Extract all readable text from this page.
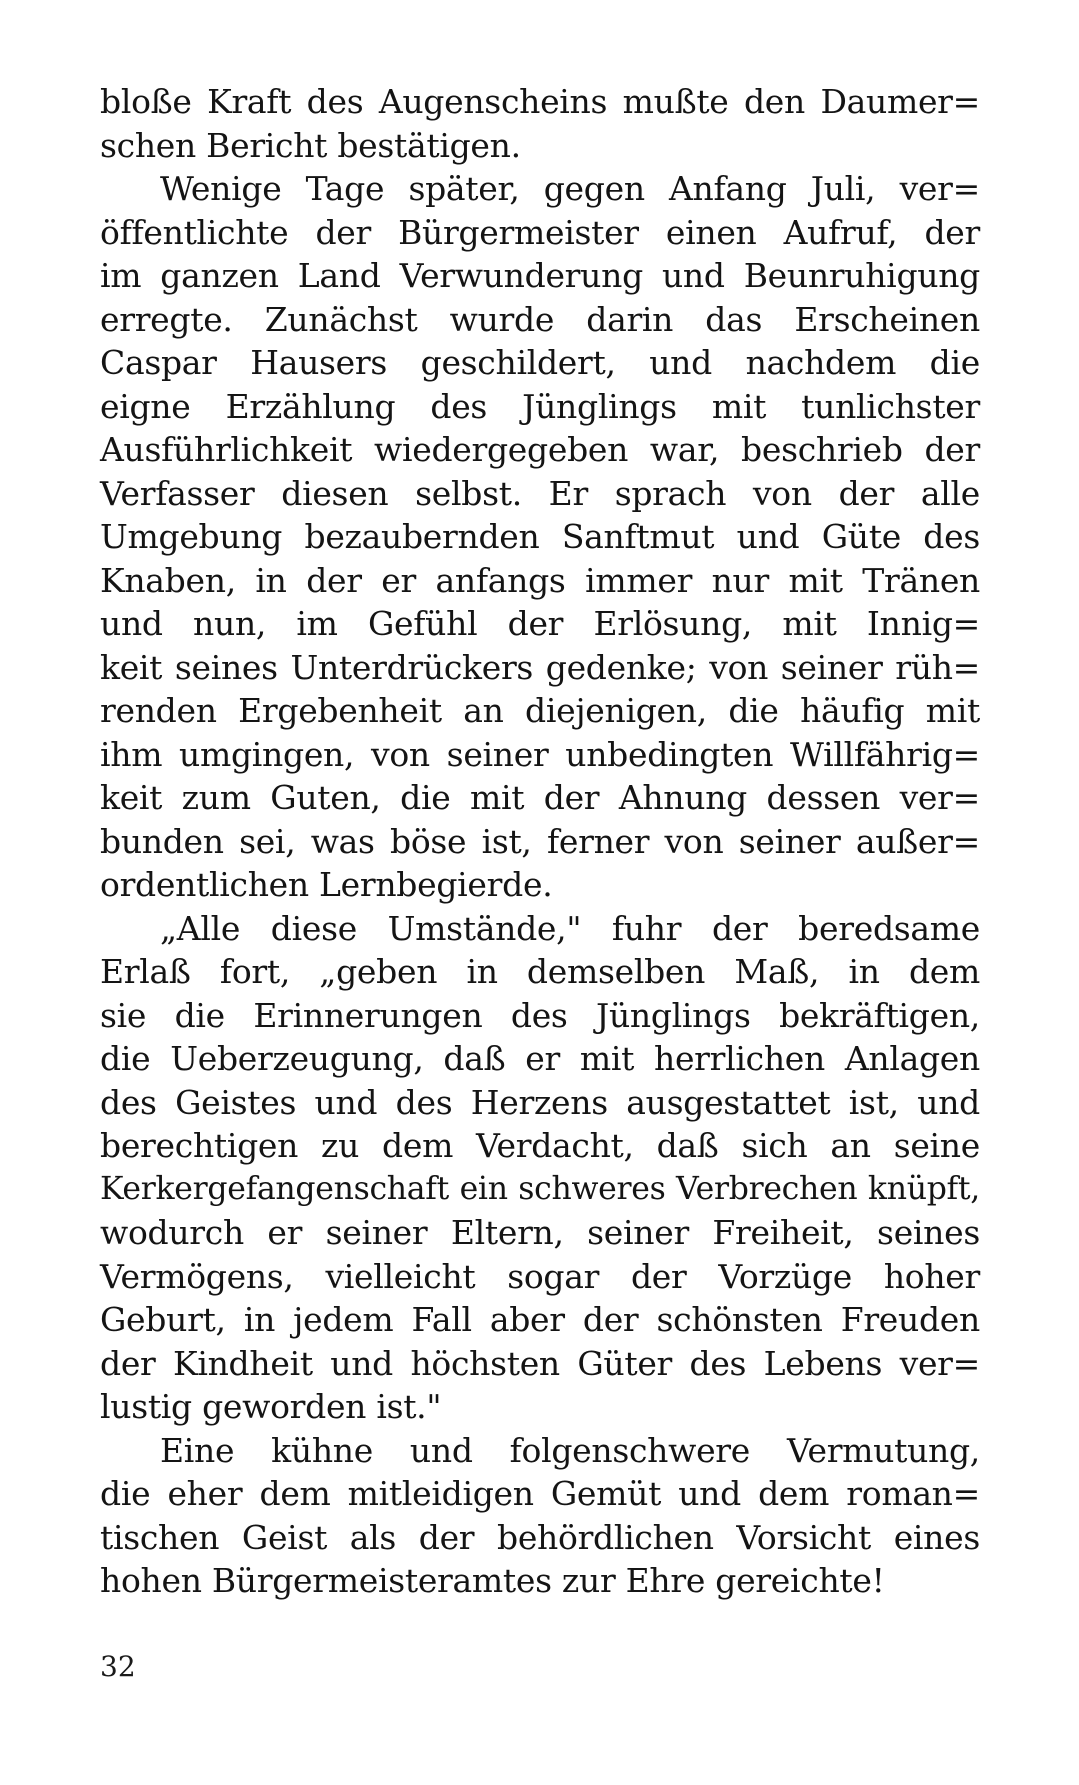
bloße Kraft des Augenscheins mußte den Daumer=
schen Bericht bestätigen.
Wenige Tage später, gegen Anfang Juli, ver=
öffentlichte der Bürgermeister einen Aufruf, der
im ganzen Land Verwunderung und Beunruhigung
erregte. Zunächst wurde darin das Erscheinen
Caspar Hausers geschildert, und nachdem die
eigne Erzählung des Jünglings mit tunlichster
Ausführlichkeit wiedergegeben war, beschrieb der
Verfasser diesen selbst. Er sprach von der alle
Umgebung bezaubernden Sanftmut und Güte des
Knaben, in der er anfangs immer nur mit Tränen
und nun, im Gefühl der Erlösung, mit Innig=
keit seines Unterdrückers gedenke; von seiner rüh=
renden Ergebenheit an diejenigen, die häufig mit
ihm umgingen, von seiner unbedingten Willfährig=
keit zum Guten, die mit der Ahnung dessen ver=
bunden sei, was böse ist, ferner von seiner außer=
ordentlichen Lernbegierde.
„Alle diese Umstände," fuhr der beredsame
Erlaß fort, „geben in demselben Maß, in dem
sie die Erinnerungen des Jünglings bekräftigen,
die Ueberzeugung, daß er mit herrlichen Anlagen
des Geistes und des Herzens ausgestattet ist, und
berechtigen zu dem Verdacht, daß sich an seine
Kerkergefangenschaft ein schweres Verbrechen knüpft,
wodurch er seiner Eltern, seiner Freiheit, seines
Vermögens, vielleicht sogar der Vorzüge hoher
Geburt, in jedem Fall aber der schönsten Freuden
der Kindheit und höchsten Güter des Lebens ver=
lustig geworden ist."
Eine kühne und folgenschwere Vermutung,
die eher dem mitleidigen Gemüt und dem roman=
tischen Geist als der behördlichen Vorsicht eines
hohen Bürgermeisteramtes zur Ehre gereichte!
32
